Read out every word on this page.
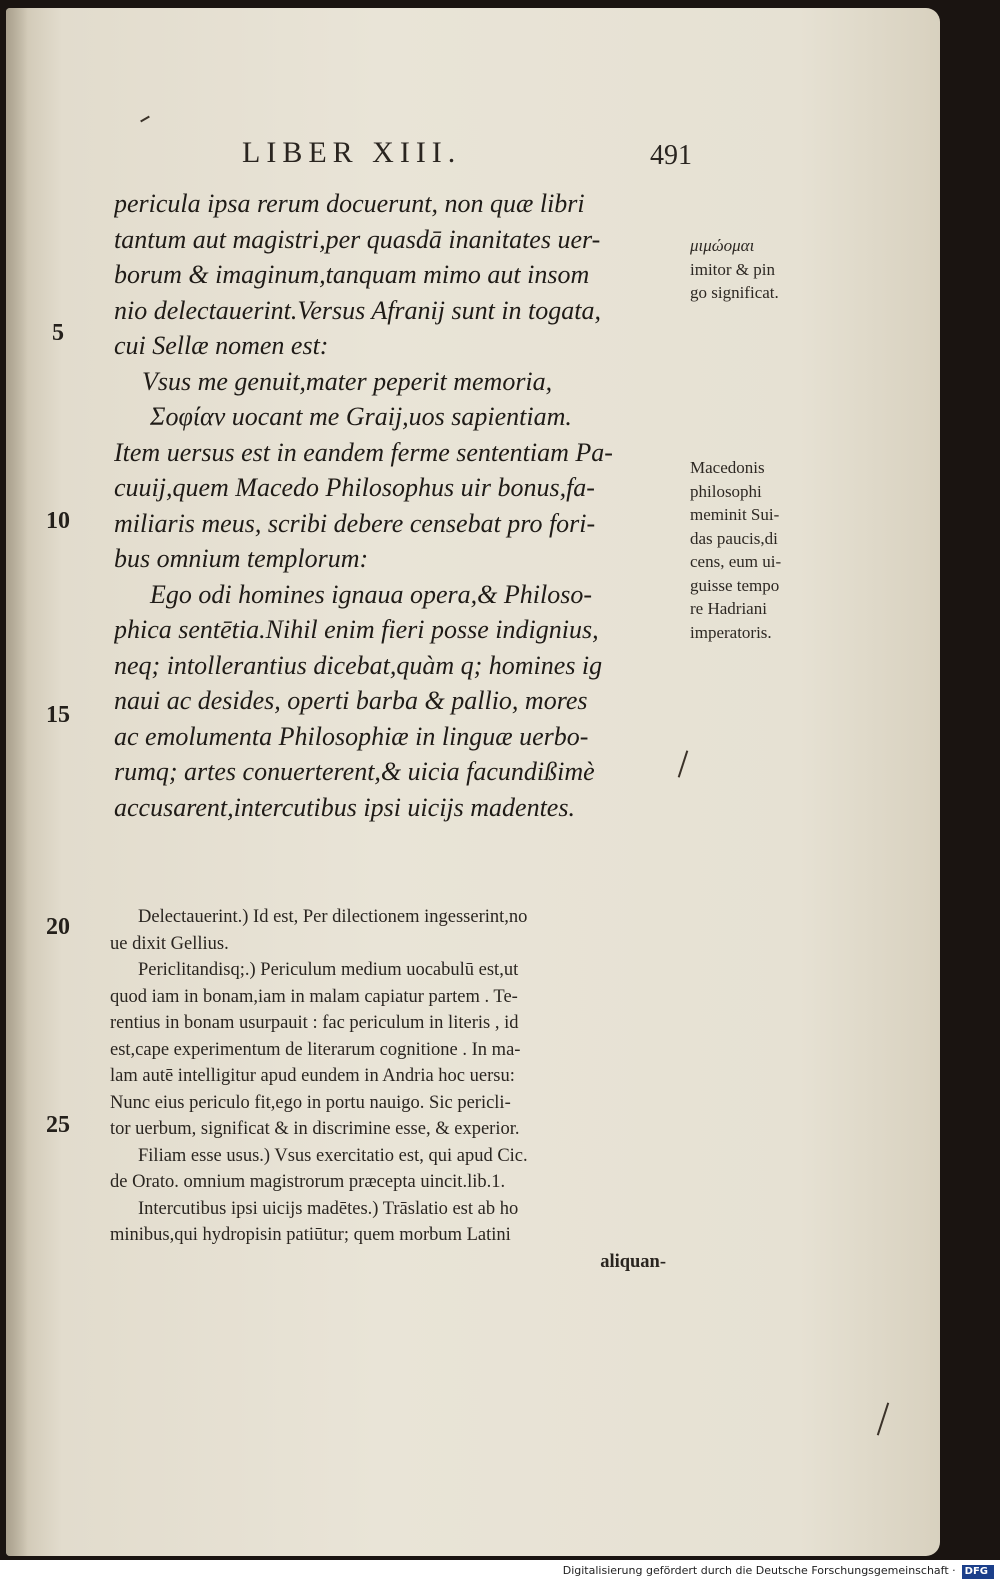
LIBER XIII.	491
pericula ipsa rerum docuerunt, non quæ libri
tantum aut magistri,per quasdā inanitates uer-
borum & imaginum,tanquam mimo aut insom
nio delectauerint.Versus Afranij sunt in togata,
cui Sellæ nomen est:
Vsus me genuit,mater peperit memoria,
Σοφίαν uocant me Graij,uos sapientiam.
Item uersus est in eandem ferme sententiam Pa-
cuuij,quem Macedo Philosophus uir bonus,fa-
miliaris meus, scribi debere censebat pro fori-
bus omnium templorum:
Ego odi homines ignaua opera,& Philoso-
phica sentētia.Nihil enim fieri posse indignius,
neq; intollerantius dicebat,quàm q; homines ig
naui ac desides, operti barba & pallio, mores
ac emolumenta Philosophiæ in linguæ uerbo-
rumq; artes conuerterent,& uicia facundißimè
accusarent,intercutibus ipsi uicijs madentes.
5
10
15
20
25
μιμώομαι
imitor & pin
go significat.
Macedonis
philosophi
meminit Sui-
das paucis,di
cens, eum ui-
guisse tempo
re Hadriani
imperatoris.
Delectauerint.) Id est, Per dilectionem ingesserint,no
ue dixit Gellius.
Periclitandisq;.) Periculum medium uocabulū est,ut
quod iam in bonam,iam in malam capiatur partem . Te-
rentius in bonam usurpauit : fac periculum in literis , id
est,cape experimentum de literarum cognitione . In ma-
lam autē intelligitur apud eundem in Andria hoc uersu:
Nunc eius periculo fit,ego in portu nauigo. Sic pericli-
tor uerbum, significat & in discrimine esse, & experior.
Filiam esse usus.) Vsus exercitatio est, qui apud Cic.
de Orato. omnium magistrorum præcepta uincit.lib.1.
Intercutibus ipsi uicijs madētes.) Trāslatio est ab ho
minibus,qui hydropisin patiūtur; quem morbum Latini
aliquan-
Digitalisierung gefördert durch die Deutsche Forschungsgemeinschaft · DFG
